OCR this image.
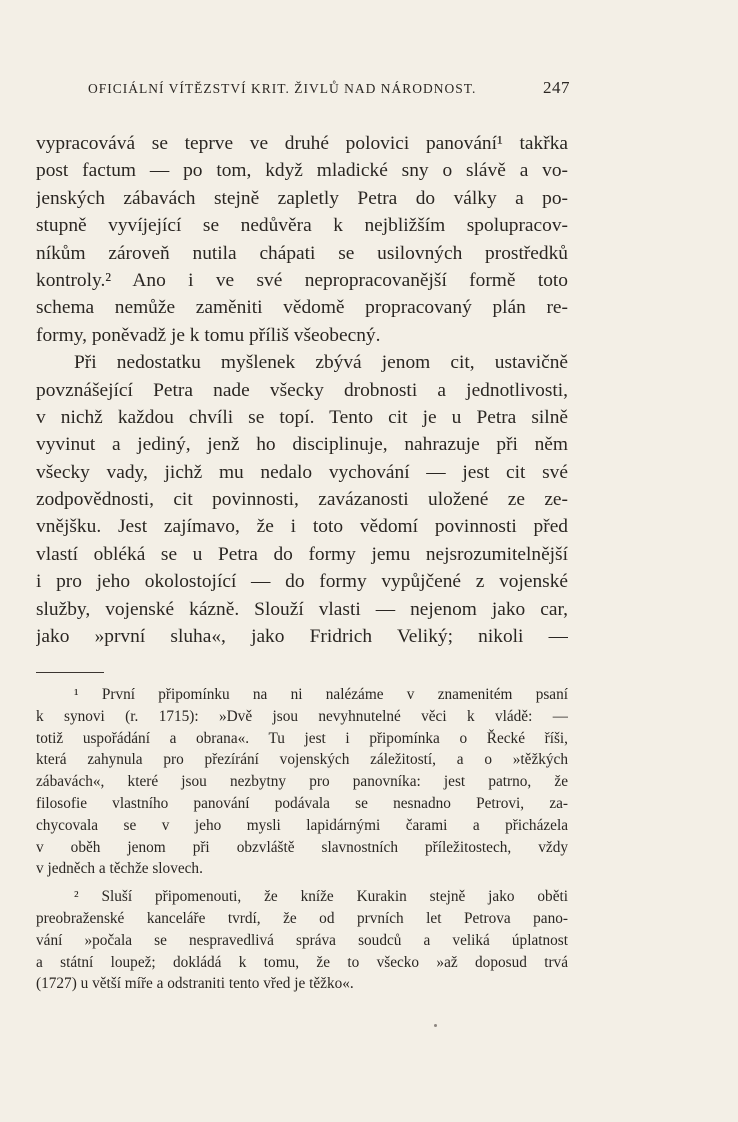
OFICIÁLNÍ VÍTĚZSTVÍ KRIT. ŽIVLŮ NAD NÁRODNOST.	247
vypracovává se teprve ve druhé polovici panování¹ takřka
post factum — po tom, když mladické sny o slávě a vo-
jenských zábavách stejně zapletly Petra do války a po-
stupně vyvíjející se nedůvěra k nejbližším spolupracov-
níkům zároveň nutila chápati se usilovných prostředků
kontroly.² Ano i ve své nepropracovanější formě toto
schema nemůže zaměniti vědomě propracovaný plán re-
formy, poněvadž je k tomu příliš všeobecný.
Při nedostatku myšlenek zbývá jenom cit, ustavičně
povznášející Petra nade všecky drobnosti a jednotlivosti,
v nichž každou chvíli se topí. Tento cit je u Petra silně
vyvinut a jediný, jenž ho disciplinuje, nahrazuje při něm
všecky vady, jichž mu nedalo vychování — jest cit své
zodpovědnosti, cit povinnosti, zavázanosti uložené ze ze-
vnějšku. Jest zajímavo, že i toto vědomí povinnosti před
vlastí obléká se u Petra do formy jemu nejsrozumitelnější
i pro jeho okolostojící — do formy vypůjčené z vojenské
služby, vojenské kázně. Slouží vlasti — nejenom jako car,
jako »první sluha«, jako Fridrich Veliký; nikoli —
¹ První připomínku na ni nalézáme v znamenitém psaní
k synovi (r. 1715): »Dvě jsou nevyhnutelné věci k vládě: —
totiž uspořádání a obrana«. Tu jest i připomínka o Řecké říši,
která zahynula pro přezírání vojenských záležitostí, a o »těžkých
zábavách«, které jsou nezbytny pro panovníka: jest patrno, že
filosofie vlastního panování podávala se nesnadno Petrovi, za-
chycovala se v jeho mysli lapidárnými čarami a přicházela
v oběh jenom při obzvláště slavnostních příležitostech, vždy
v jedněch a těchže slovech.
² Sluší připomenouti, že kníže Kurakin stejně jako oběti
preobraženské kanceláře tvrdí, že od prvních let Petrova pano-
vání »počala se nespravedlivá správa soudců a veliká úplatnost
a státní loupež; dokládá k tomu, že to všecko »až doposud trvá
(1727) u větší míře a odstraniti tento vřed je těžko«.
